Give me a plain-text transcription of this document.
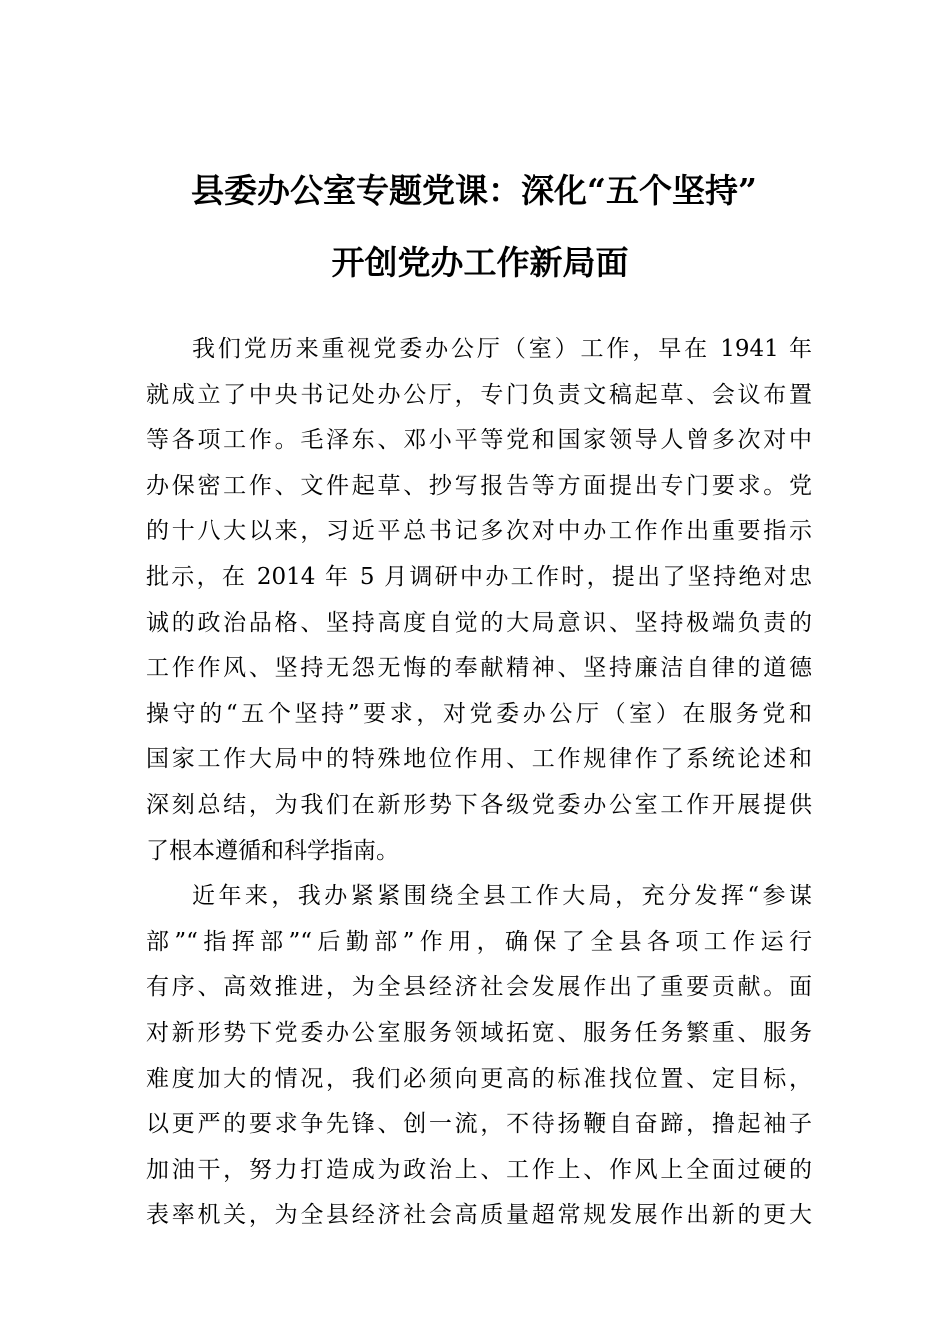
县委办公室专题党课：深化“五个坚持”
开创党办工作新局面
我们党历来重视党委办公厅（室）工作，早在 1941 年
就成立了中央书记处办公厅，专门负责文稿起草、会议布置
等各项工作。毛泽东、邓小平等党和国家领导人曾多次对中
办保密工作、文件起草、抄写报告等方面提出专门要求。党
的十八大以来，习近平总书记多次对中办工作作出重要指示
批示，在 2014 年 5 月调研中办工作时，提出了坚持绝对忠
诚的政治品格、坚持高度自觉的大局意识、坚持极端负责的
工作作风、坚持无怨无悔的奉献精神、坚持廉洁自律的道德
操守的“五个坚持”要求，对党委办公厅（室）在服务党和
国家工作大局中的特殊地位作用、工作规律作了系统论述和
深刻总结，为我们在新形势下各级党委办公室工作开展提供
了根本遵循和科学指南。
近年来，我办紧紧围绕全县工作大局，充分发挥“参谋
部”“指挥部”“后勤部”作用，确保了全县各项工作运行
有序、高效推进，为全县经济社会发展作出了重要贡献。面
对新形势下党委办公室服务领域拓宽、服务任务繁重、服务
难度加大的情况，我们必须向更高的标准找位置、定目标，
以更严的要求争先锋、创一流，不待扬鞭自奋蹄，撸起袖子
加油干，努力打造成为政治上、工作上、作风上全面过硬的
表率机关，为全县经济社会高质量超常规发展作出新的更大
